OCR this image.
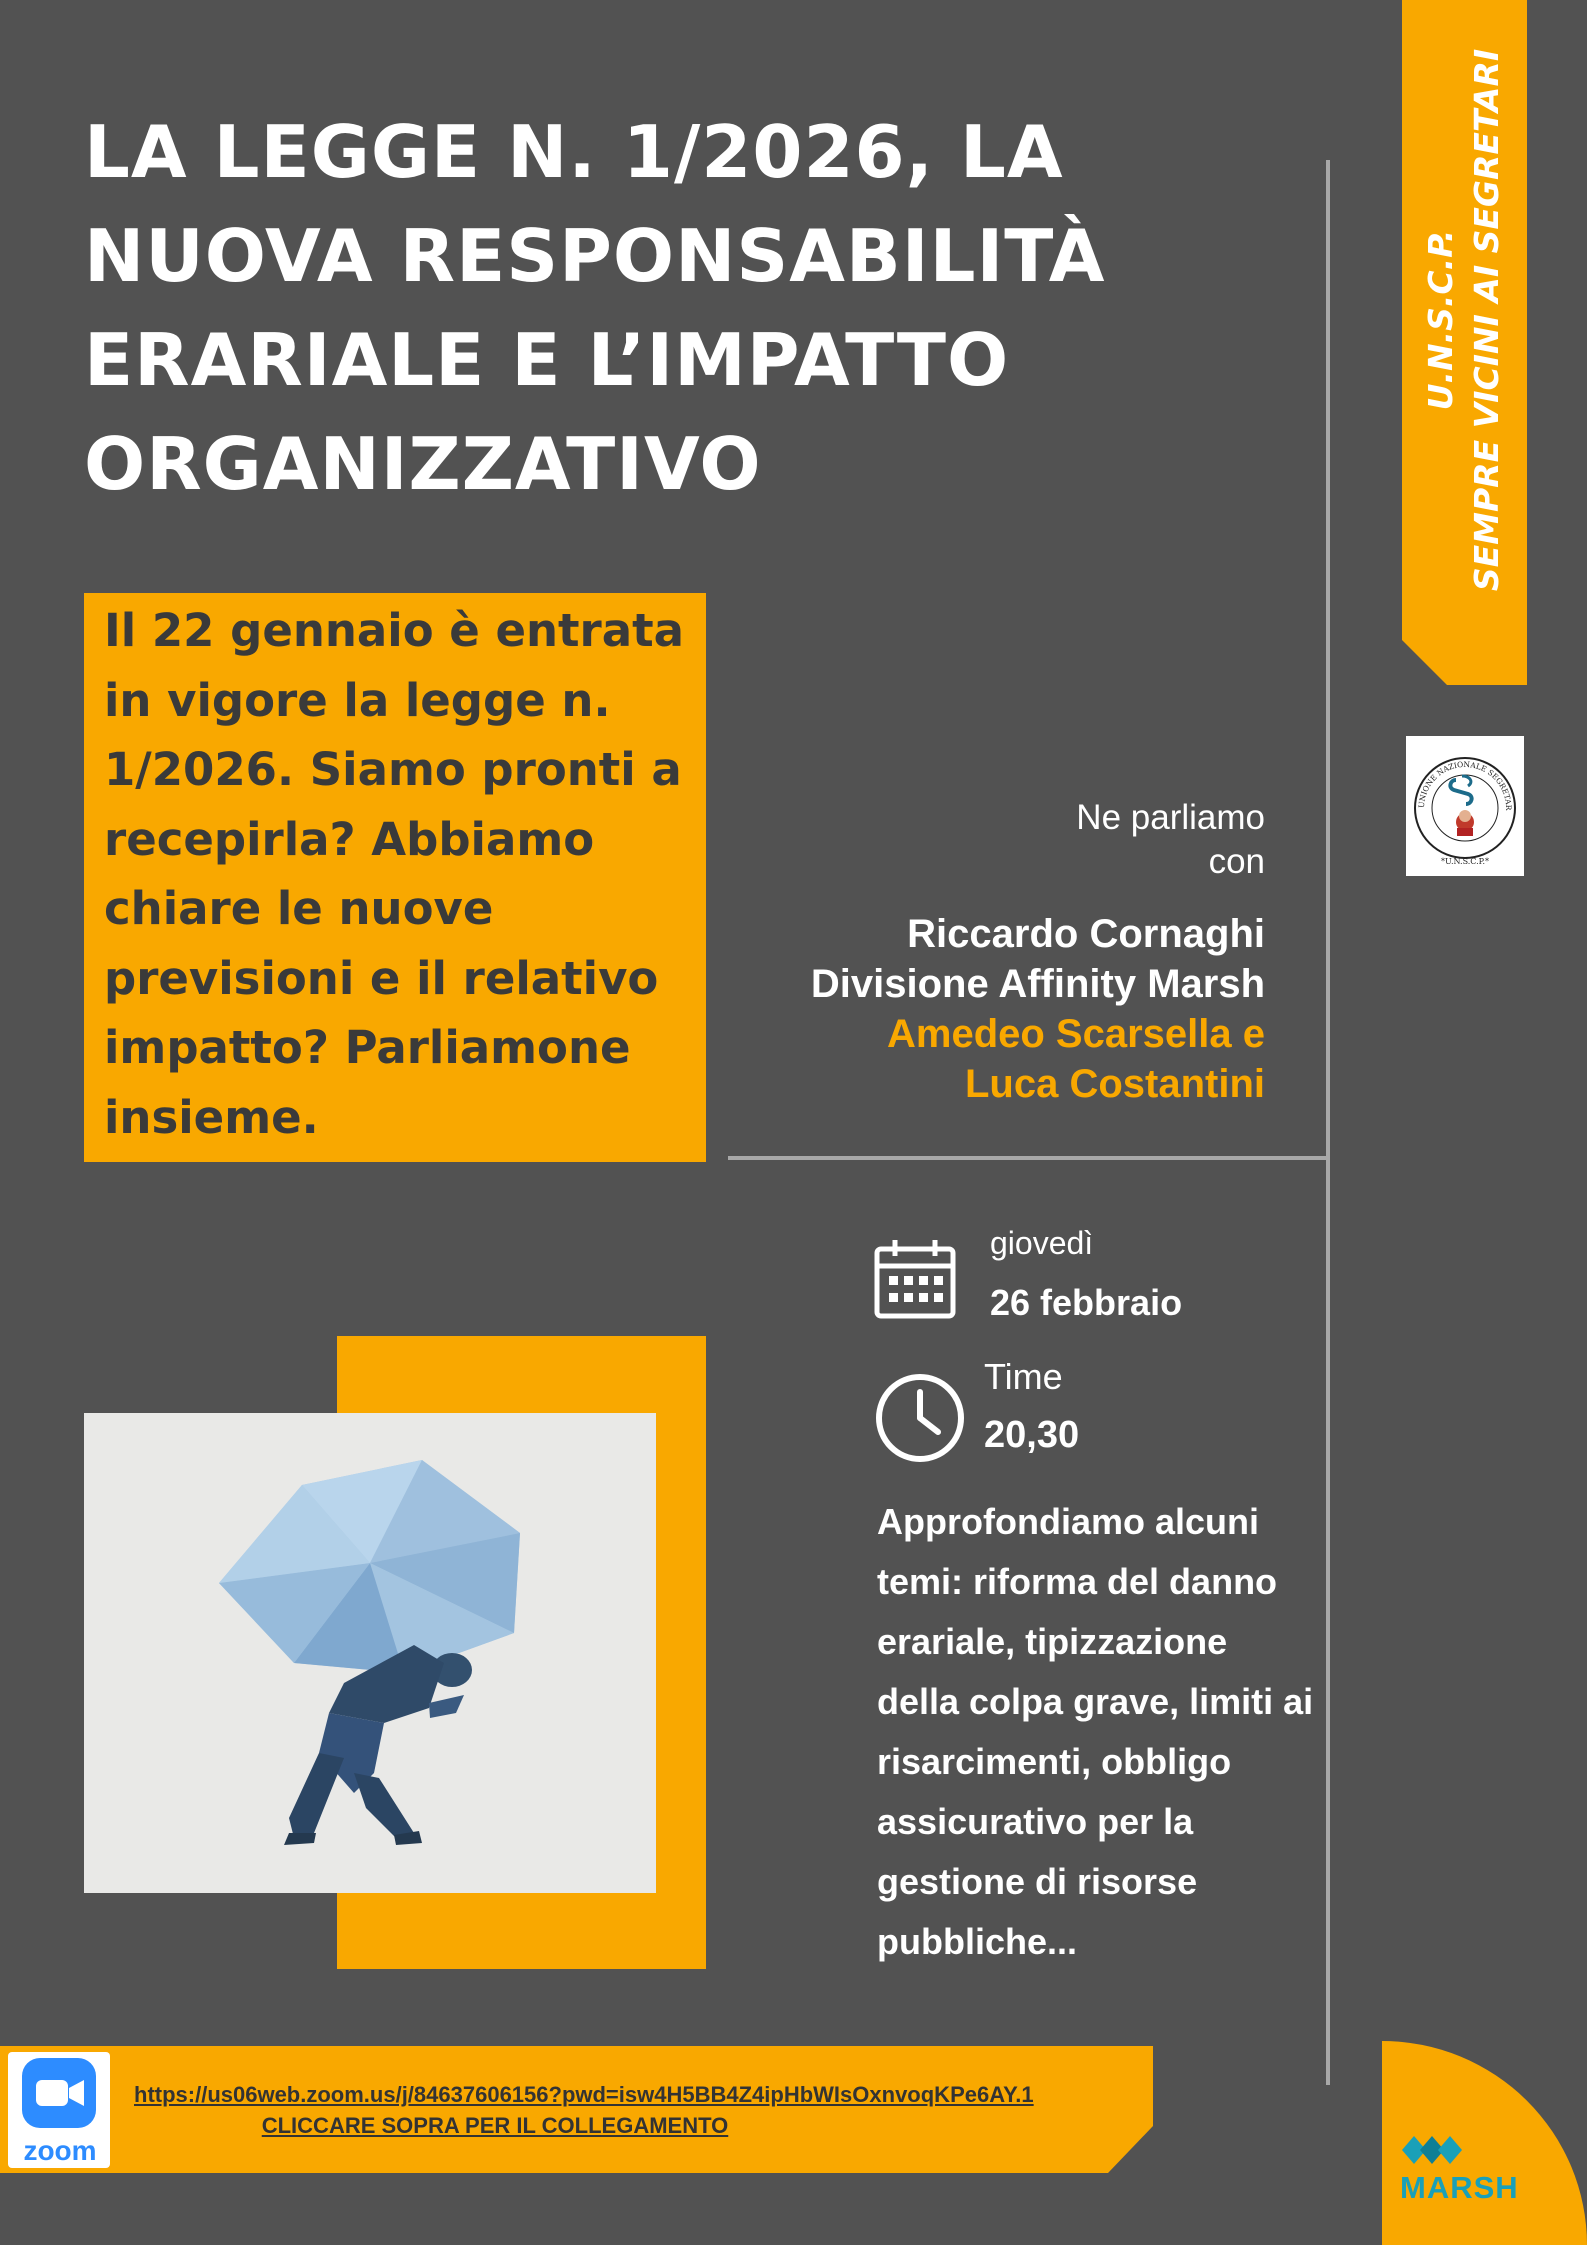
LA LEGGE N. 1/2026, LA
NUOVA RESPONSABILITÀ
ERARIALE E L’IMPATTO
ORGANIZZATIVO
U.N.S.C.P. SEMPRE VICINI AI SEGRETARI
UNIONE NAZIONALE SEGRETAR
*U.N.S.C.P.*
Il 22 gennaio è entrata
in vigore la legge n.
1/2026. Siamo pronti a
recepirla? Abbiamo
chiare le nuove
previsioni e il relativo
impatto? Parliamone
insieme.
Ne parliamo
con
Riccardo Cornaghi
Divisione Affinity Marsh
Amedeo Scarsella e
Luca Costantini
giovedì
26 febbraio
Time
20,30
Approfondiamo alcuni
temi: riforma del danno
erariale, tipizzazione
della colpa grave, limiti ai
risarcimenti, obbligo
assicurativo per la
gestione di risorse
pubbliche...
zoom
https://us06web.zoom.us/j/84637606156?pwd=isw4H5BB4Z4ipHbWIsOxnvoqKPe6AY.1
CLICCARE SOPRA PER IL COLLEGAMENTO
MARSH
